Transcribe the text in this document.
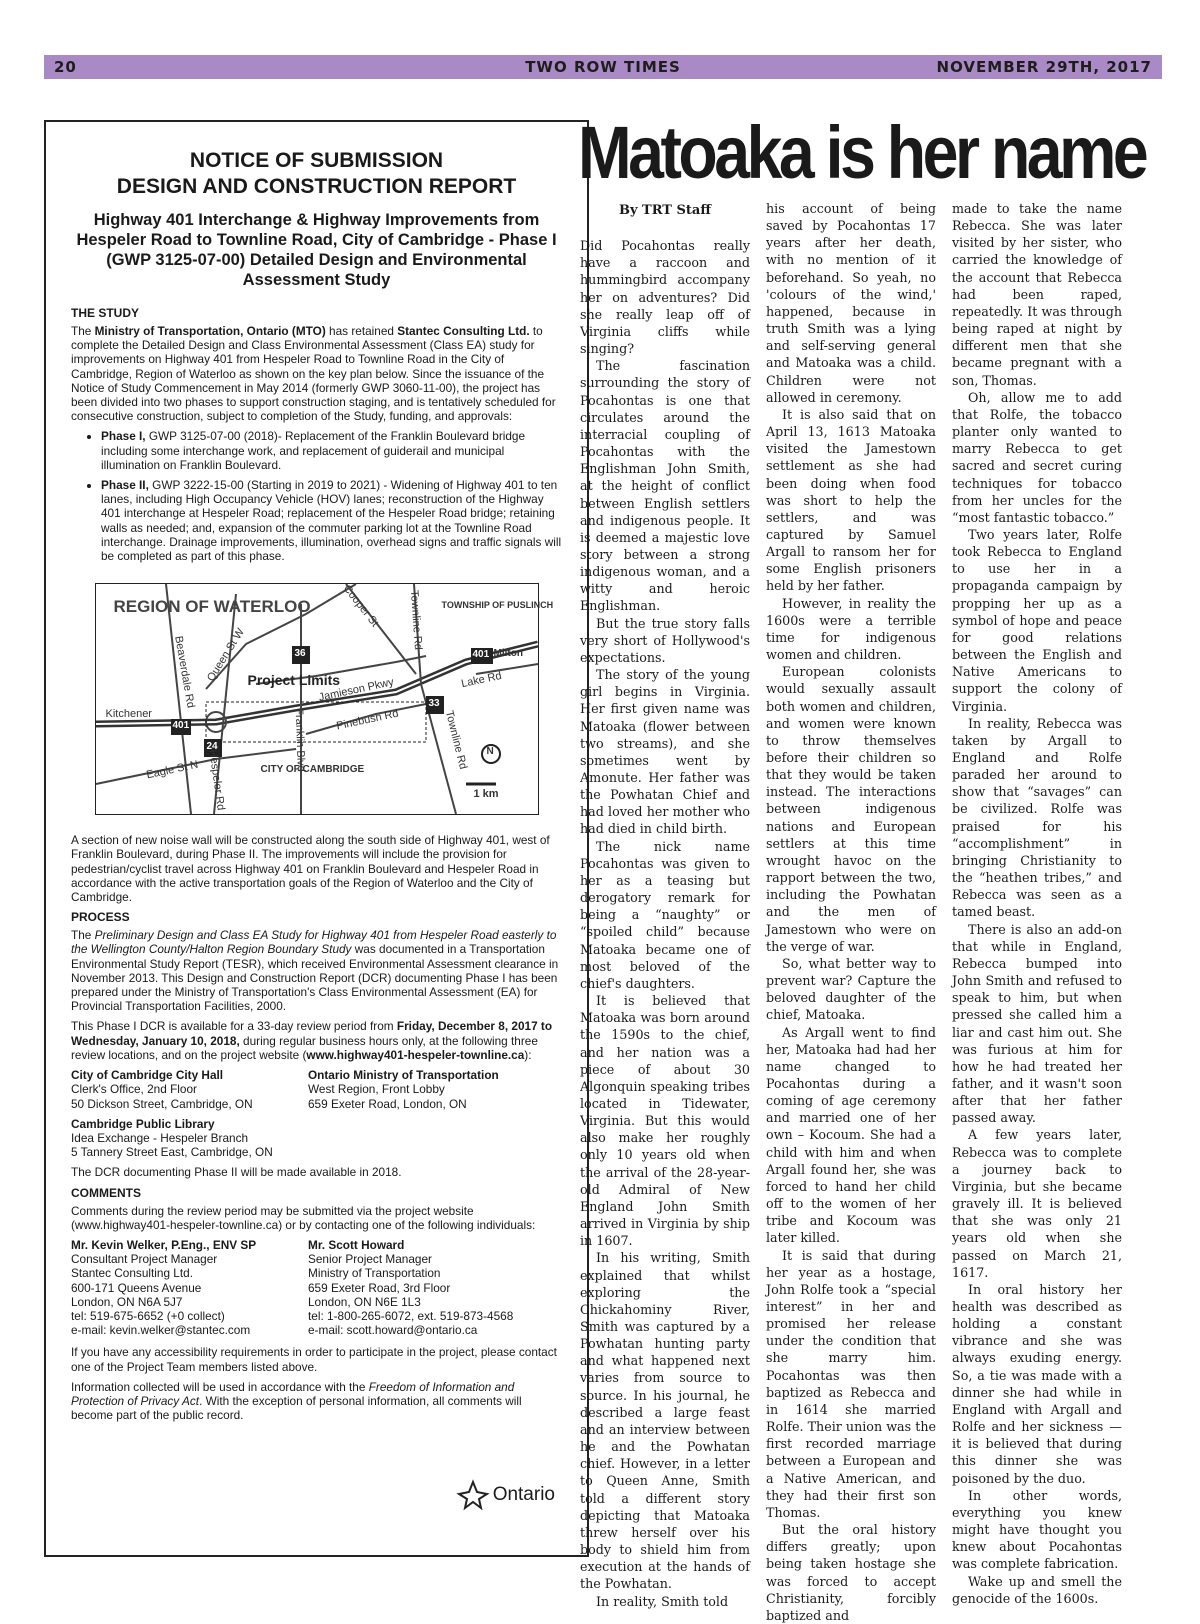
20	TWO ROW TIMES	NOVEMBER 29TH, 2017

NOTICE OF SUBMISSION
DESIGN AND CONSTRUCTION REPORT

Highway 401 Interchange & Highway Improvements from Hespeler Road to Townline Road, City of Cambridge - Phase I (GWP 3125-07-00) Detailed Design and Environmental Assessment Study

THE STUDY

The Ministry of Transportation, Ontario (MTO) has retained Stantec Consulting Ltd. to complete the Detailed Design and Class Environmental Assessment (Class EA) study for improvements on Highway 401 from Hespeler Road to Townline Road in the City of Cambridge, Region of Waterloo as shown on the key plan below. Since the issuance of the Notice of Study Commencement in May 2014 (formerly GWP 3060-11-00), the project has been divided into two phases to support construction staging, and is tentatively scheduled for consecutive construction, subject to completion of the Study, funding, and approvals:

• Phase I, GWP 3125-07-00 (2018)- Replacement of the Franklin Boulevard bridge including some interchange work, and replacement of guiderail and municipal illumination on Franklin Boulevard.
• Phase II, GWP 3222-15-00 (Starting in 2019 to 2021) - Widening of Highway 401 to ten lanes, including High Occupancy Vehicle (HOV) lanes; reconstruction of the Highway 401 interchange at Hespeler Road; replacement of the Hespeler Road bridge; retaining walls as needed; and, expansion of the commuter parking lot at the Townline Road interchange. Drainage improvements, illumination, overhead signs and traffic signals will be completed as part of this phase.
REGION OF WATERLOO	TOWNSHIP OF PUSLINCH
Project Limits
CITY OF CAMBRIDGE
Kitchener
Milton
1 km
N
Cooper St Townline Rd
Queen St W
Beaverdale Rd	Jamieson Pkwy	Lake Rd
Pinebush Rd
Eagle St N	Franklin Blvd
Hespeler Rd
Townline Rd
36
401
401
33
24

A section of new noise wall will be constructed along the south side of Highway 401, west of Franklin Boulevard, during Phase II. The improvements will include the provision for pedestrian/cyclist travel across Highway 401 on Franklin Boulevard and Hespeler Road in accordance with the active transportation goals of the Region of Waterloo and the City of Cambridge.

PROCESS

The Preliminary Design and Class EA Study for Highway 401 from Hespeler Road easterly to the Wellington County/Halton Region Boundary Study was documented in a Transportation Environmental Study Report (TESR), which received Environmental Assessment clearance in November 2013. This Design and Construction Report (DCR) documenting Phase I has been prepared under the Ministry of Transportation's Class Environmental Assessment (EA) for Provincial Transportation Facilities, 2000.

This Phase I DCR is available for a 33-day review period from Friday, December 8, 2017 to Wednesday, January 10, 2018, during regular business hours only, at the following three review locations, and on the project website (www.highway401-hespeler-townline.ca):

City of Cambridge City Hall
Clerk's Office, 2nd Floor
50 Dickson Street, Cambridge, ON
Ontario Ministry of Transportation
West Region, Front Lobby
659 Exeter Road, London, ON
Cambridge Public Library
Idea Exchange - Hespeler Branch
5 Tannery Street East, Cambridge, ON

The DCR documenting Phase II will be made available in 2018.

COMMENTS

Comments during the review period may be submitted via the project website (www.highway401-hespeler-townline.ca) or by contacting one of the following individuals:

Mr. Kevin Welker, P.Eng., ENV SP
Consultant Project Manager
Stantec Consulting Ltd.
600-171 Queens Avenue
London, ON N6A 5J7
tel: 519-675-6652 (+0 collect)
e-mail: kevin.welker@stantec.com
Mr. Scott Howard
Senior Project Manager
Ministry of Transportation
659 Exeter Road, 3rd Floor
London, ON N6E 1L3
tel: 1-800-265-6072, ext. 519-873-4568
e-mail: scott.howard@ontario.ca

If you have any accessibility requirements in order to participate in the project, please contact one of the Project Team members listed above.

Information collected will be used in accordance with the Freedom of Information and Protection of Privacy Act. With the exception of personal information, all comments will become part of the public record.

Ontario
Matoaka is her name
By TRT Staff

Did Pocahontas really have a raccoon and hummingbird accompany her on adventures? Did she really leap off of Virginia cliffs while singing?

The fascination surrounding the story of Pocahontas is one that circulates around the interracial coupling of Pocahontas with the Englishman John Smith, at the height of conflict between English settlers and indigenous people. It is deemed a majestic love story between a strong indigenous woman, and a witty and heroic Englishman.

But the true story falls very short of Hollywood's expectations.

The story of the young girl begins in Virginia. Her first given name was Matoaka (flower between two streams), and she sometimes went by Amonute. Her father was the Powhatan Chief and had loved her mother who had died in child birth.

The nick name Pocahontas was given to her as a teasing but derogatory remark for being a “naughty” or “spoiled child” because Matoaka became one of most beloved of the chief's daughters.

It is believed that Matoaka was born around the 1590s to the chief, and her nation was a piece of about 30 Algonquin speaking tribes located in Tidewater, Virginia. But this would also make her roughly only 10 years old when the arrival of the 28-year-old Admiral of New England John Smith arrived in Virginia by ship in 1607.

In his writing, Smith explained that whilst exploring the Chickahominy River, Smith was captured by a Powhatan hunting party and what happened next varies from source to source. In his journal, he described a large feast and an interview between he and the Powhatan chief. However, in a letter to Queen Anne, Smith told a different story depicting that Matoaka threw herself over his body to shield him from execution at the hands of the Powhatan.

In reality, Smith told

his account of being saved by Pocahontas 17 years after her death, with no mention of it beforehand. So yeah, no 'colours of the wind,' happened, because in truth Smith was a lying and self-serving general and Matoaka was a child. Children were not allowed in ceremony.

It is also said that on April 13, 1613 Matoaka visited the Jamestown settlement as she had been doing when food was short to help the settlers, and was captured by Samuel Argall to ransom her for some English prisoners held by her father.

However, in reality the 1600s were a terrible time for indigenous women and children.

European colonists would sexually assault both women and children, and women were known to throw themselves before their children so that they would be taken instead. The interactions between indigenous nations and European settlers at this time wrought havoc on the rapport between the two, including the Powhatan and the men of Jamestown who were on the verge of war.

So, what better way to prevent war? Capture the beloved daughter of the chief, Matoaka.

As Argall went to find her, Matoaka had had her name changed to Pocahontas during a coming of age ceremony and married one of her own – Kocoum. She had a child with him and when Argall found her, she was forced to hand her child off to the women of her tribe and Kocoum was later killed.

It is said that during her year as a hostage, John Rolfe took a “special interest” in her and promised her release under the condition that she marry him. Pocahontas was then baptized as Rebecca and in 1614 she married Rolfe. Their union was the first recorded marriage between a European and a Native American, and they had their first son Thomas.

But the oral history differs greatly; upon being taken hostage she was forced to accept Christianity, forcibly baptized and

made to take the name Rebecca. She was later visited by her sister, who carried the knowledge of the account that Rebecca had been raped, repeatedly. It was through being raped at night by different men that she became pregnant with a son, Thomas.

Oh, allow me to add that Rolfe, the tobacco planter only wanted to marry Rebecca to get sacred and secret curing techniques for tobacco from her uncles for the “most fantastic tobacco.”

Two years later, Rolfe took Rebecca to England to use her in a propaganda campaign by propping her up as a symbol of hope and peace for good relations between the English and Native Americans to support the colony of Virginia.

In reality, Rebecca was taken by Argall to England and Rolfe paraded her around to show that “savages” can be civilized. Rolfe was praised for his “accomplishment” in bringing Christianity to the “heathen tribes,” and Rebecca was seen as a tamed beast.

There is also an add-on that while in England, Rebecca bumped into John Smith and refused to speak to him, but when pressed she called him a liar and cast him out. She was furious at him for how he had treated her father, and it wasn't soon after that her father passed away.

A few years later, Rebecca was to complete a journey back to Virginia, but she became gravely ill. It is believed that she was only 21 years old when she passed on March 21, 1617.

In oral history her health was described as holding a constant vibrance and she was always exuding energy. So, a tie was made with a dinner she had while in England with Argall and Rolfe and her sickness — it is believed that during this dinner she was poisoned by the duo.

In other words, everything you knew might have thought you knew about Pocahontas was complete fabrication.

Wake up and smell the genocide of the 1600s.
